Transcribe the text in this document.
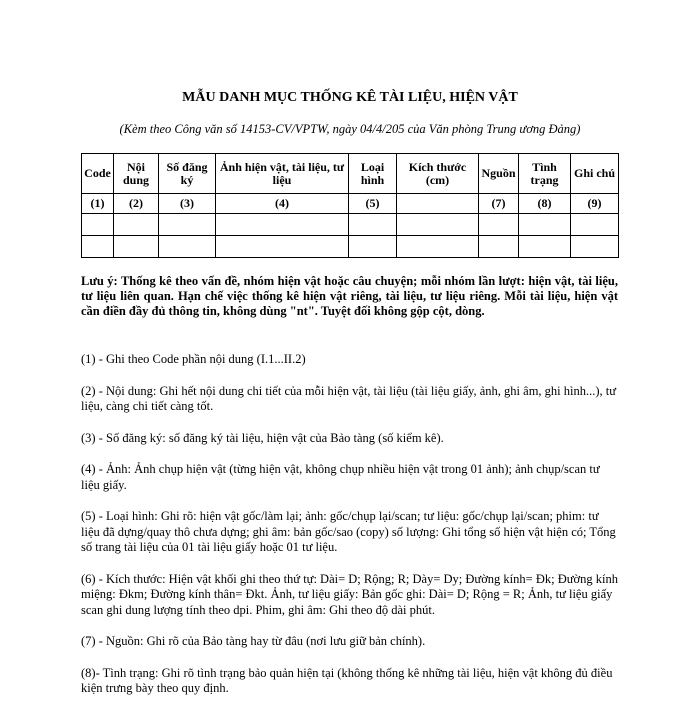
MẪU DANH MỤC THỐNG KÊ TÀI LIỆU, HIỆN VẬT
(Kèm theo Công văn số 14153-CV/VPTW, ngày 04/4/205 của Văn phòng Trung ương Đảng)
Code	Nội dung	Số đăng ký	Ảnh hiện vật, tài liệu, tư liệu	Loại hình	Kích thước (cm)	Nguồn	Tình trạng	Ghi chú
(1)	(2)	(3)	(4)	(5)		(7)	(8)	(9)

Lưu ý: Thống kê theo vấn đề, nhóm hiện vật hoặc câu chuyện; mỗi nhóm lần lượt: hiện vật, tài liệu, tư liệu liên quan. Hạn chế việc thống kê hiện vật riêng, tài liệu, tư liệu riêng. Mỗi tài liệu, hiện vật cần điền đầy đủ thông tin, không dùng "nt". Tuyệt đối không gộp cột, dòng.

(1) - Ghi theo Code phần nội dung (I.1...II.2)

(2) - Nội dung: Ghi hết nội dung chi tiết của mỗi hiện vật, tài liệu (tài liệu giấy, ảnh, ghi âm, ghi hình...), tư liệu, càng chi tiết càng tốt.

(3) - Số đăng ký: số đăng ký tài liệu, hiện vật của Bảo tàng (số kiểm kê).

(4) - Ảnh: Ảnh chụp hiện vật (từng hiện vật, không chụp nhiều hiện vật trong 01 ảnh); ảnh chụp/scan tư liệu giấy.

(5) - Loại hình: Ghi rõ: hiện vật gốc/làm lại; ảnh: gốc/chụp lại/scan; tư liệu: gốc/chụp lại/scan; phim: tư liệu đã dựng/quay thô chưa dựng; ghi âm: bản gốc/sao (copy) số lượng: Ghi tổng số hiện vật hiện có; Tổng số trang tài liệu của 01 tài liệu giấy hoặc 01 tư liệu.

(6) - Kích thước: Hiện vật khối ghi theo thứ tự: Dài= D; Rộng; R; Dày= Dy; Đường kính= Đk; Đường kính miệng: Đkm; Đường kính thân= Đkt. Ảnh, tư liệu giấy: Bản gốc ghi: Dài= D; Rộng = R; Ảnh, tư liệu giấy scan ghi dung lượng tính theo dpi. Phim, ghi âm: Ghi theo độ dài phút.

(7) - Nguồn: Ghi rõ của Bảo tàng hay từ đâu (nơi lưu giữ bản chính).

(8)- Tình trạng: Ghi rõ tình trạng bảo quản hiện tại (không thống kê những tài liệu, hiện vật không đủ điều kiện trưng bày theo quy định.
